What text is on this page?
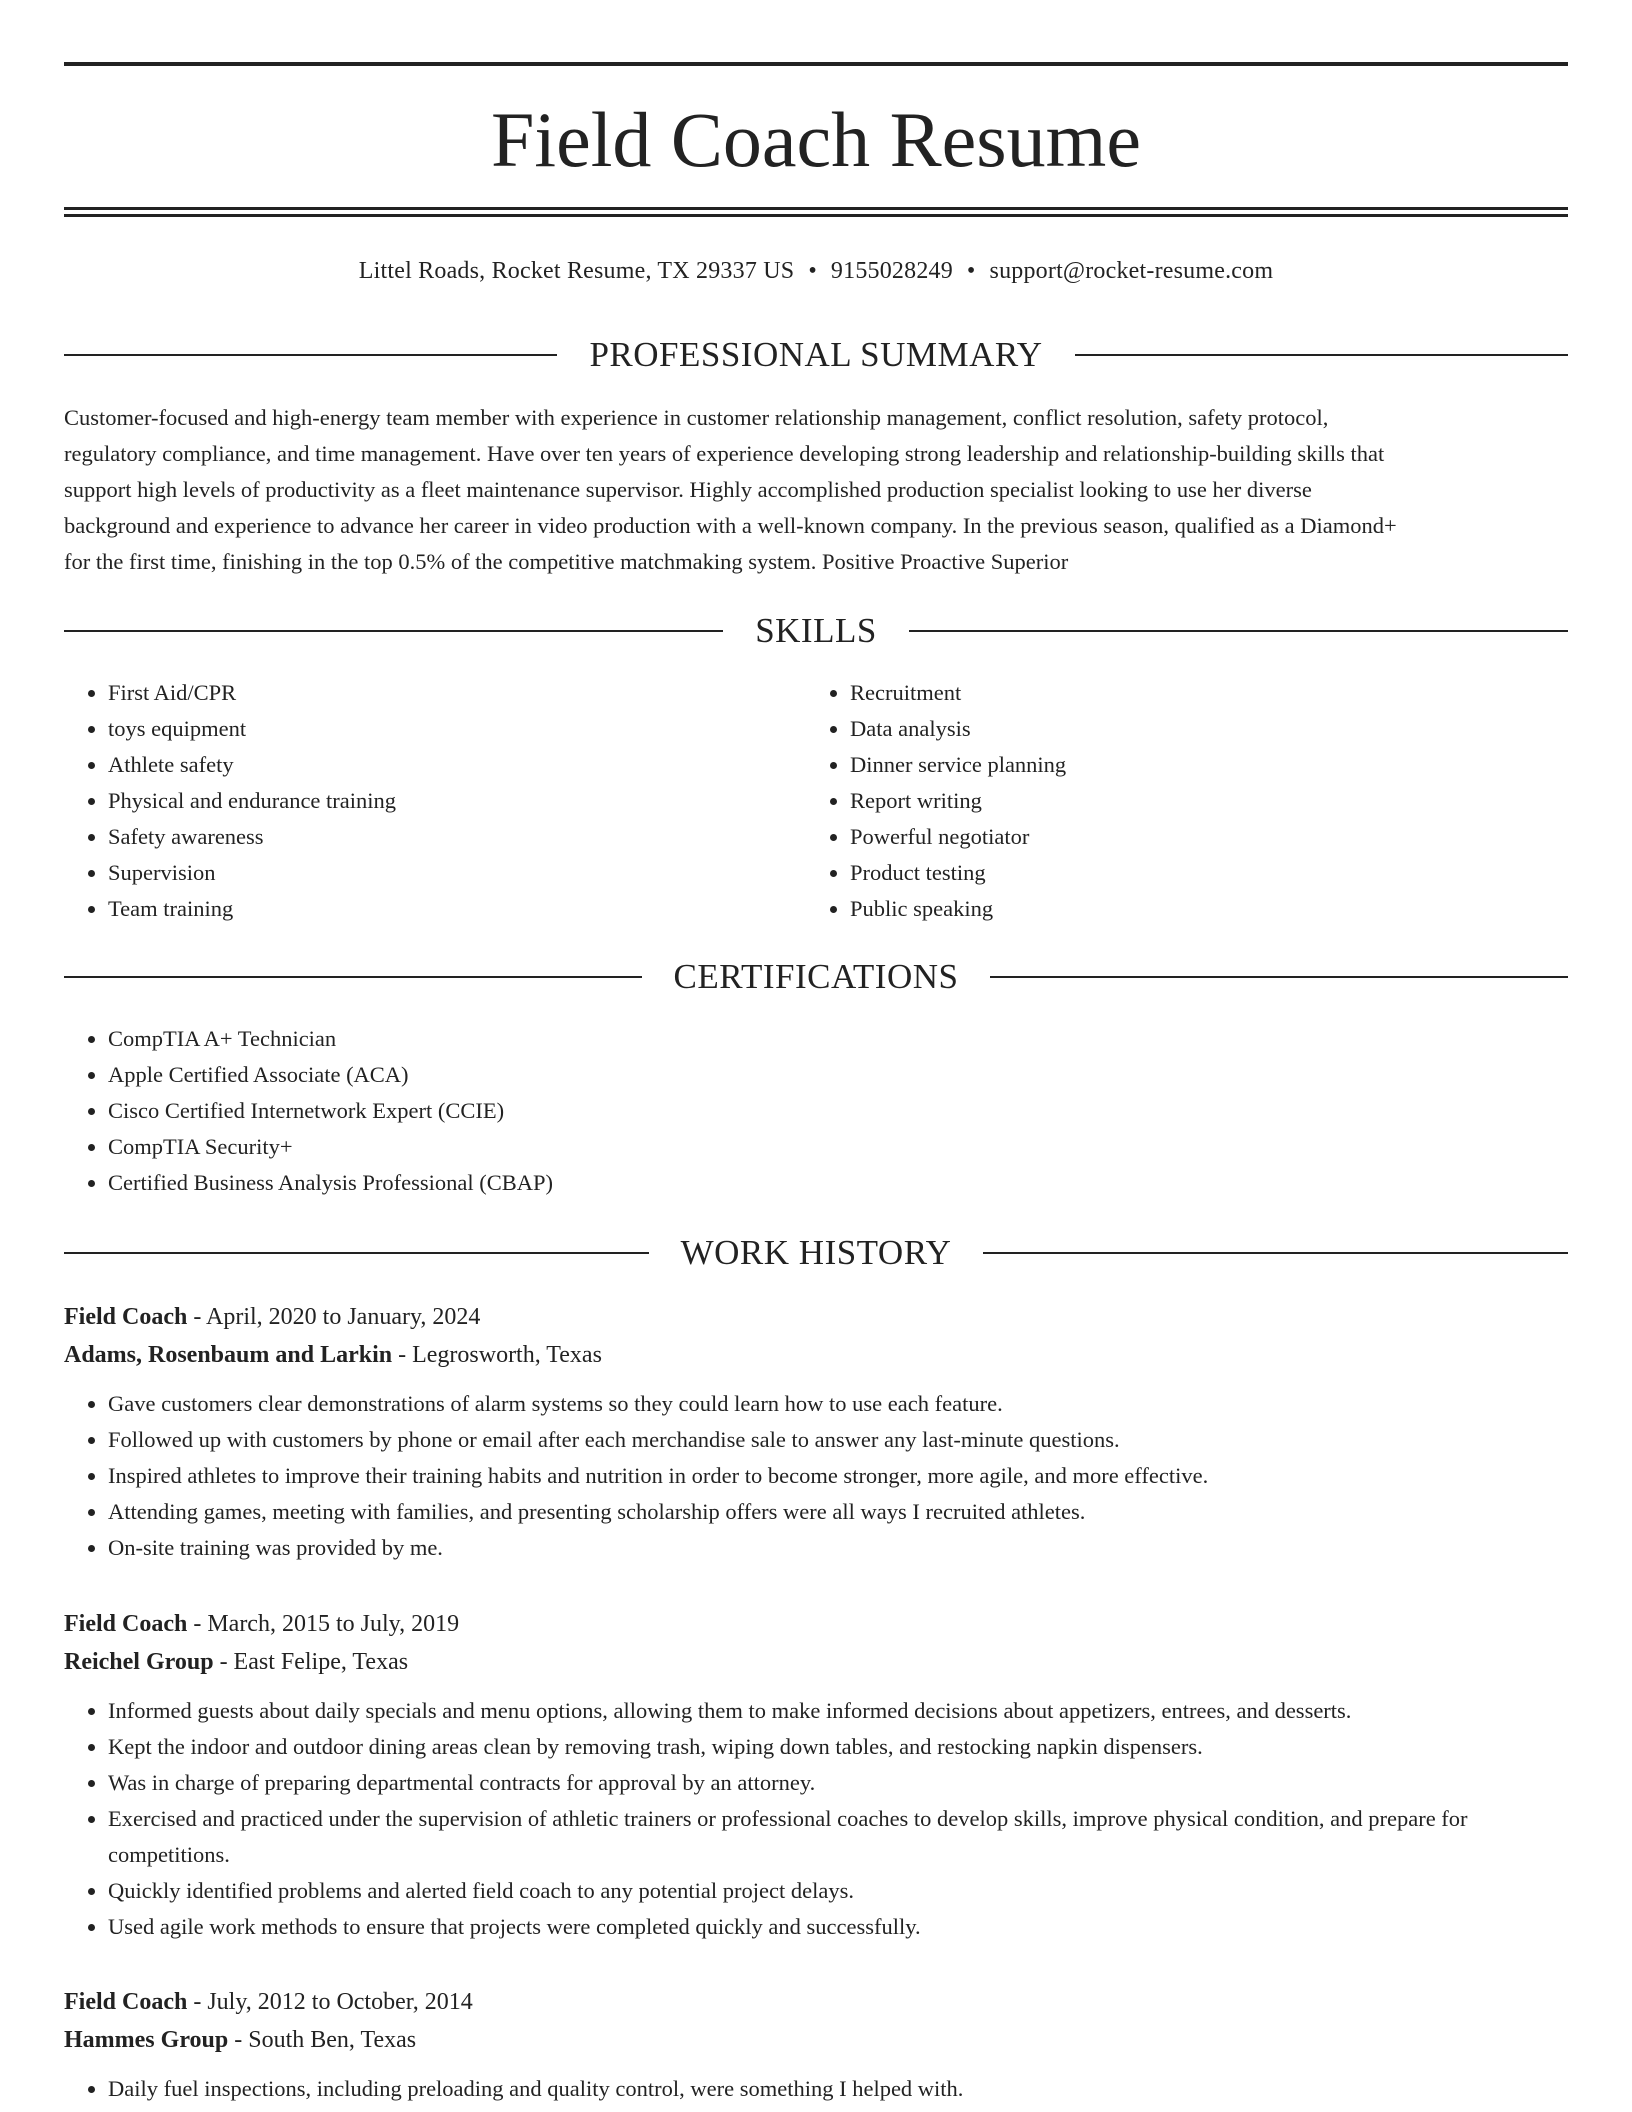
Field Coach Resume
Littel Roads, Rocket Resume, TX 29337 US • 9155028249 • support@rocket-resume.com
PROFESSIONAL SUMMARY
Customer-focused and high-energy team member with experience in customer relationship management, conflict resolution, safety protocol,
regulatory compliance, and time management. Have over ten years of experience developing strong leadership and relationship-building skills that
support high levels of productivity as a fleet maintenance supervisor. Highly accomplished production specialist looking to use her diverse
background and experience to advance her career in video production with a well-known company. In the previous season, qualified as a Diamond+
for the first time, finishing in the top 0.5% of the competitive matchmaking system. Positive Proactive Superior
SKILLS
• First Aid/CPR
• toys equipment
• Athlete safety
• Physical and endurance training
• Safety awareness
• Supervision
• Team training
• Recruitment
• Data analysis
• Dinner service planning
• Report writing
• Powerful negotiator
• Product testing
• Public speaking
CERTIFICATIONS
• CompTIA A+ Technician
• Apple Certified Associate (ACA)
• Cisco Certified Internetwork Expert (CCIE)
• CompTIA Security+
• Certified Business Analysis Professional (CBAP)
WORK HISTORY

Field Coach - April, 2020 to January, 2024

Adams, Rosenbaum and Larkin - Legrosworth, Texas

• Gave customers clear demonstrations of alarm systems so they could learn how to use each feature.
• Followed up with customers by phone or email after each merchandise sale to answer any last-minute questions.
• Inspired athletes to improve their training habits and nutrition in order to become stronger, more agile, and more effective.
• Attending games, meeting with families, and presenting scholarship offers were all ways I recruited athletes.
• On-site training was provided by me.

Field Coach - March, 2015 to July, 2019

Reichel Group - East Felipe, Texas

• Informed guests about daily specials and menu options, allowing them to make informed decisions about appetizers, entrees, and desserts.
• Kept the indoor and outdoor dining areas clean by removing trash, wiping down tables, and restocking napkin dispensers.
• Was in charge of preparing departmental contracts for approval by an attorney.
• Exercised and practiced under the supervision of athletic trainers or professional coaches to develop skills, improve physical condition, and prepare for competitions.
• Quickly identified problems and alerted field coach to any potential project delays.
• Used agile work methods to ensure that projects were completed quickly and successfully.

Field Coach - July, 2012 to October, 2014

Hammes Group - South Ben, Texas

• Daily fuel inspections, including preloading and quality control, were something I helped with.
